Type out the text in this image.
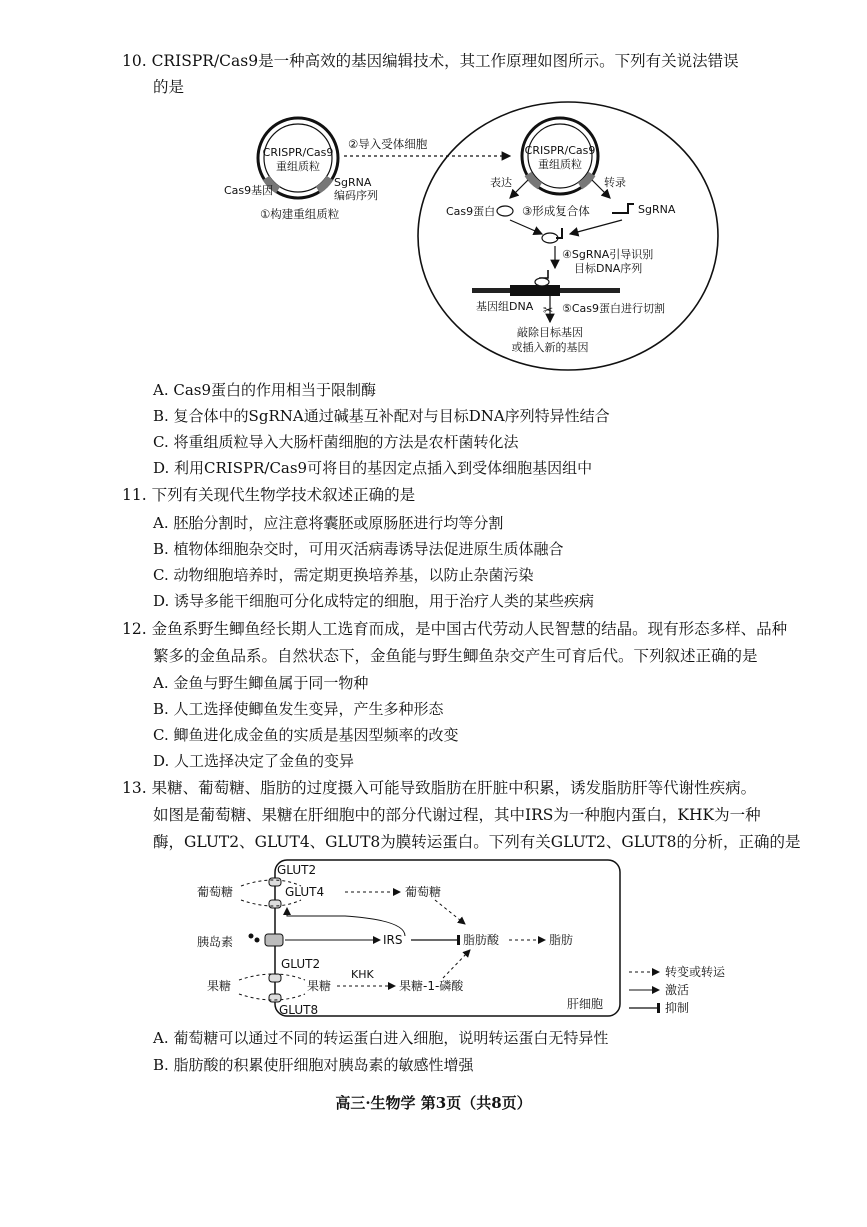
10. CRISPR/Cas9是一种高效的基因编辑技术，其工作原理如图所示。下列有关说法错误
的是
CRISPR/Cas9
重组质粒
Cas9基因
SgRNA
编码序列
①构建重组质粒
②导入受体细胞	CRISPR/Cas9
重组质粒
表达	转录
Cas9蛋白 ③形成复合体	SgRNA
④SgRNA引导识别
目标DNA序列
基因组DNA ✂ ⑤Cas9蛋白进行切割
敲除目标基因
或插入新的基因
A. Cas9蛋白的作用相当于限制酶
B. 复合体中的SgRNA通过碱基互补配对与目标DNA序列特异性结合
C. 将重组质粒导入大肠杆菌细胞的方法是农杆菌转化法
D. 利用CRISPR/Cas9可将目的基因定点插入到受体细胞基因组中
11. 下列有关现代生物学技术叙述正确的是
A. 胚胎分割时，应注意将囊胚或原肠胚进行均等分割
B. 植物体细胞杂交时，可用灭活病毒诱导法促进原生质体融合
C. 动物细胞培养时，需定期更换培养基，以防止杂菌污染
D. 诱导多能干细胞可分化成特定的细胞，用于治疗人类的某些疾病
12. 金鱼系野生鲫鱼经长期人工选育而成，是中国古代劳动人民智慧的结晶。现有形态多样、品种
繁多的金鱼品系。自然状态下，金鱼能与野生鲫鱼杂交产生可育后代。下列叙述正确的是
A. 金鱼与野生鲫鱼属于同一物种
B. 人工选择使鲫鱼发生变异，产生多种形态
C. 鲫鱼进化成金鱼的实质是基因型频率的改变
D. 人工选择决定了金鱼的变异
13. 果糖、葡萄糖、脂肪的过度摄入可能导致脂肪在肝脏中积累，诱发脂肪肝等代谢性疾病。
如图是葡萄糖、果糖在肝细胞中的部分代谢过程，其中IRS为一种胞内蛋白，KHK为一种
酶，GLUT2、GLUT4、GLUT8为膜转运蛋白。下列有关GLUT2、GLUT8的分析，正确的是
GLUT2
GLUT4
葡萄糖	葡萄糖
胰岛素	IRS	脂肪酸	脂肪
GLUT2
果糖	果糖
KHK
果糖-1-磷酸
GLUT8	肝细胞
转变或转运
激活
抑制
A. 葡萄糖可以通过不同的转运蛋白进入细胞，说明转运蛋白无特异性
B. 脂肪酸的积累使肝细胞对胰岛素的敏感性增强
高三·生物学 第3页（共8页）
